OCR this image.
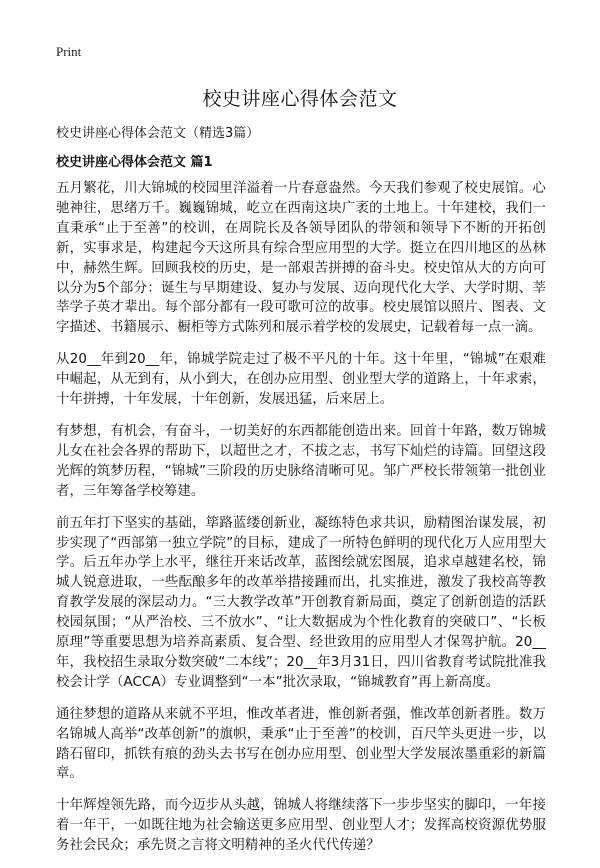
Print
校史讲座心得体会范文
校史讲座心得体会范文（精选3篇）
校史讲座心得体会范文 篇1

五月繁花，川大锦城的校园里洋溢着一片春意盎然。今天我们参观了校史展馆。心驰神往，思绪万千。巍巍锦城，屹立在西南这块广袤的土地上。十年建校，我们一直秉承“止于至善”的校训，在周院长及各领导团队的带领和领导下不断的开拓创新，实事求是，构建起今天这所具有综合型应用型的大学。挺立在四川地区的丛林中，赫然生辉。回顾我校的历史，是一部艰苦拼搏的奋斗史。校史馆从大的方向可以分为5个部分：诞生与早期建设、复办与发展、迈向现代化大学、大学时期、莘莘学子英才辈出。每个部分都有一段可歌可泣的故事。校史展馆以照片、图表、文字描述、书籍展示、橱柜等方式陈列和展示着学校的发展史，记载着每一点一滴。

从20__年到20__年，锦城学院走过了极不平凡的十年。这十年里，“锦城”在艰难中崛起，从无到有，从小到大，在创办应用型、创业型大学的道路上，十年求索，十年拼搏，十年发展，十年创新，发展迅猛，后来居上。

有梦想，有机会，有奋斗，一切美好的东西都能创造出来。回首十年路，数万锦城儿女在社会各界的帮助下，以超世之才，不拔之志，书写下灿烂的诗篇。回望这段光辉的筑梦历程，“锦城”三阶段的历史脉络清晰可见。邹广严校长带领第一批创业者，三年筹备学校筹建。

前五年打下坚实的基础，筚路蓝缕创新业，凝练特色求共识，励精图治谋发展，初步实现了“西部第一独立学院”的目标，建成了一所特色鲜明的现代化万人应用型大学。后五年办学上水平，继往开来话改革，蓝图绘就宏图展，追求卓越建名校，锦城人锐意进取，一些酝酿多年的改革举措接踵而出，扎实推进，激发了我校高等教育教学发展的深层动力。“三大教学改革”开创教育新局面，奠定了创新创造的活跃校园氛围；“从严治校、三不放水”、“让大数据成为个性化教育的突破口”、“长板原理”等重要思想为培养高素质、复合型、经世致用的应用型人才保驾护航。20__年，我校招生录取分数突破“二本线”；20__年3月31日，四川省教育考试院批准我校会计学（ACCA）专业调整到“一本”批次录取，“锦城教育”再上新高度。

通往梦想的道路从来就不平坦，惟改革者进，惟创新者强，惟改革创新者胜。数万名锦城人高举“改革创新”的旗帜，秉承“止于至善”的校训，百尺竿头更进一步，以踏石留印，抓铁有痕的劲头去书写在创办应用型、创业型大学发展浓墨重彩的新篇章。

十年辉煌领先路，而今迈步从头越，锦城人将继续落下一步步坚实的脚印，一年接着一年干，一如既往地为社会输送更多应用型、创业型人才；发挥高校资源优势服务社会民众；承先贤之言将文明精神的圣火代代传递？
